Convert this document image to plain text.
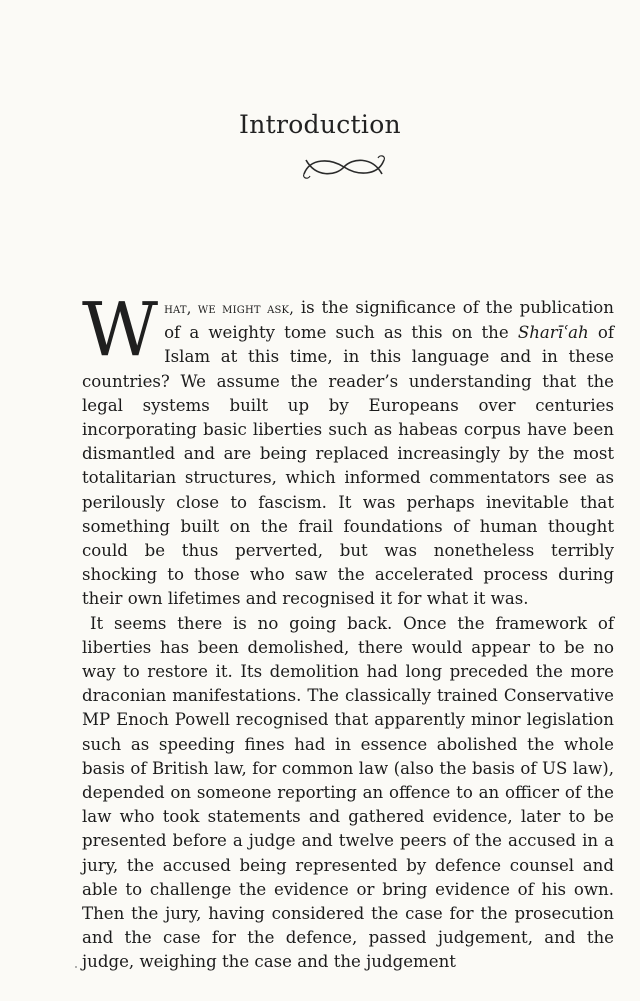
Introduction

What, we might ask, is the significance of the publication of a weighty tome such as this on the Sharīʿah of Islam at this time, in this language and in these countries? We assume the reader’s understanding that the legal systems built up by Europeans over centuries incorporating basic liberties such as habeas corpus have been dismantled and are being replaced increasingly by the most totalitarian structures, which informed commentators see as perilously close to fascism. It was perhaps inevitable that something built on the frail foundations of human thought could be thus perverted, but was nonetheless terribly shocking to those who saw the accelerated process during their own lifetimes and recognised it for what it was.

It seems there is no going back. Once the framework of liberties has been demolished, there would appear to be no way to restore it. Its demolition had long preceded the more draconian manifestations. The classically trained Conservative MP Enoch Powell recognised that apparently minor legislation such as speeding fines had in essence abolished the whole basis of British law, for common law (also the basis of US law), depended on someone reporting an offence to an officer of the law who took statements and gathered evidence, later to be presented before a judge and twelve peers of the accused in a jury, the accused being represented by defence counsel and able to challenge the evidence or bring evidence of his own. Then the jury, having considered the case for the prosecution and the case for the defence, passed judgement, and the judge, weighing the case and the judgement
